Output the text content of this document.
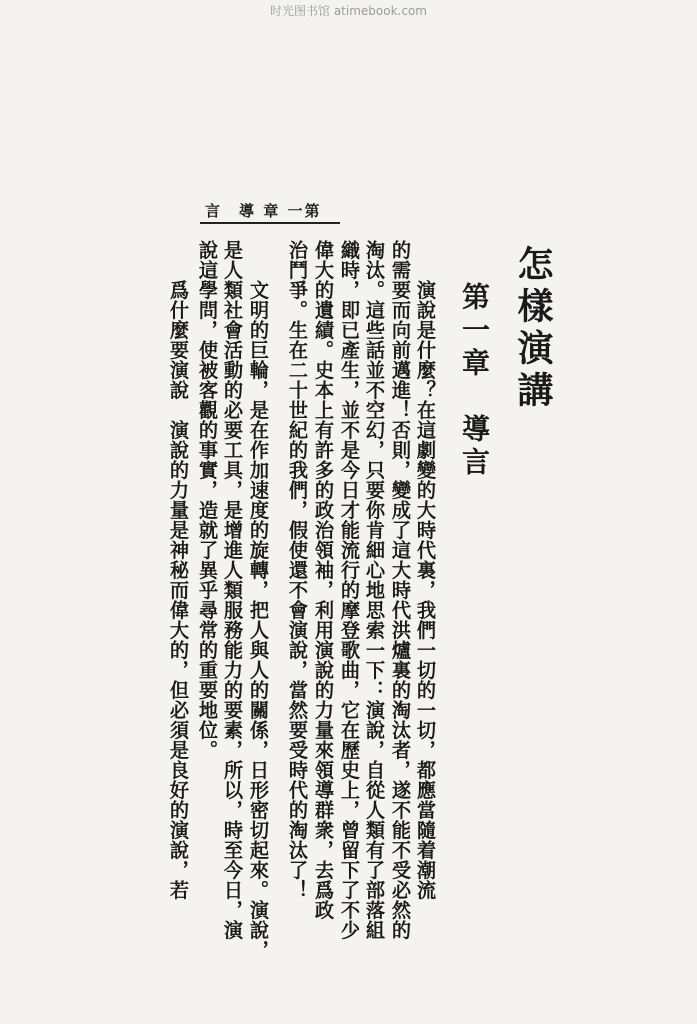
时光图书馆 atimebook.com
言　導 章 一第
怎樣演講
第一章　導言
　　演說是什麼？在這劇變的大時代裏，我們一切的一切，都應當隨着潮流
的需要而向前邁進！否則，變成了這大時代洪爐裏的淘汰者，遂不能不受必然的
淘汰。這些話並不空幻，只要你肯細心地思索一下：演說，自從人類有了部落組
織時，即已產生，並不是今日才能流行的摩登歌曲，它在歷史上，曾留下了不少
偉大的遺績。史本上有許多的政治領袖，利用演說的力量來領導群衆，去爲政
治鬥爭。生在二十世紀的我們，假使還不會演說，當然要受時代的淘汰了！
　　文明的巨輪，是在作加速度的旋轉，把人與人的關係，日形密切起來。演說，
是人類社會活動的必要工具，是增進人類服務能力的要素，所以，時至今日，演
說這學問，使被客觀的事實，造就了異乎尋常的重要地位。
　　爲什麼要演說　演說的力量是神秘而偉大的，但必須是良好的演說，若
